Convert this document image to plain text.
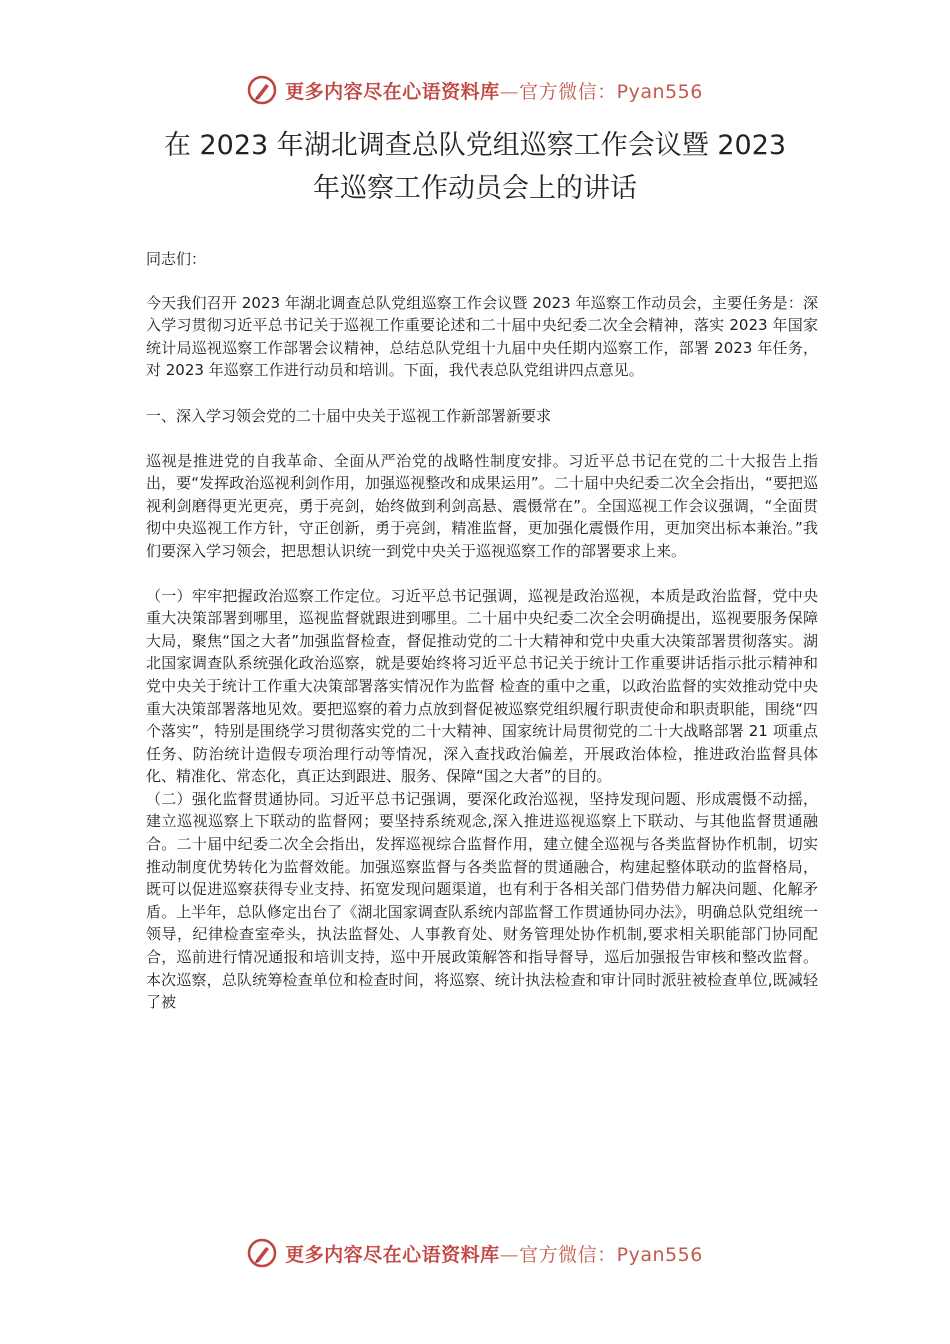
更多内容尽在心语资料库—官方微信：Pyan556
在 2023 年湖北调查总队党组巡察工作会议暨 2023
年巡察工作动员会上的讲话

同志们：

今天我们召开 2023 年湖北调查总队党组巡察工作会议暨 2023 年巡察工作动员会，主要任务是：深入学习贯彻习近平总书记关于巡视工作重要论述和二十届中央纪委二次全会精神，落实 2023 年国家统计局巡视巡察工作部署会议精神，总结总队党组十九届中央任期内巡察工作，部署 2023 年任务，对 2023 年巡察工作进行动员和培训。下面，我代表总队党组讲四点意见。

一、深入学习领会党的二十届中央关于巡视工作新部署新要求

巡视是推进党的自我革命、全面从严治党的战略性制度安排。习近平总书记在党的二十大报告上指出，要“发挥政治巡视利剑作用，加强巡视整改和成果运用”。二十届中央纪委二次全会指出，“要把巡视利剑磨得更光更亮，勇于亮剑，始终做到利剑高悬、震慑常在”。全国巡视工作会议强调，“全面贯彻中央巡视工作方针，守正创新，勇于亮剑，精准监督，更加强化震慑作用，更加突出标本兼治。”我们要深入学习领会，把思想认识统一到党中央关于巡视巡察工作的部署要求上来。

（一）牢牢把握政治巡察工作定位。习近平总书记强调，巡视是政治巡视，本质是政治监督，党中央重大决策部署到哪里，巡视监督就跟进到哪里。二十届中央纪委二次全会明确提出，巡视要服务保障大局，聚焦“国之大者”加强监督检查，督促推动党的二十大精神和党中央重大决策部署贯彻落实。湖北国家调查队系统强化政治巡察，就是要始终将习近平总书记关于统计工作重要讲话指示批示精神和党中央关于统计工作重大决策部署落实情况作为监督 检查的重中之重，以政治监督的实效推动党中央重大决策部署落地见效。要把巡察的着力点放到督促被巡察党组织履行职责使命和职责职能，围绕“四个落实”，特别是围绕学习贯彻落实党的二十大精神、国家统计局贯彻党的二十大战略部署 21 项重点任务、防治统计造假专项治理行动等情况，深入查找政治偏差，开展政治体检，推进政治监督具体化、精准化、常态化，真正达到跟进、服务、保障“国之大者”的目的。

（二）强化监督贯通协同。习近平总书记强调，要深化政治巡视，坚持发现问题、形成震慑不动摇，建立巡视巡察上下联动的监督网；要坚持系统观念,深入推进巡视巡察上下联动、与其他监督贯通融合。二十届中纪委二次全会指出，发挥巡视综合监督作用，建立健全巡视与各类监督协作机制，切实推动制度优势转化为监督效能。加强巡察监督与各类监督的贯通融合，构建起整体联动的监督格局，既可以促进巡察获得专业支持、拓宽发现问题渠道，也有利于各相关部门借势借力解决问题、化解矛盾。上半年，总队修定出台了《湖北国家调查队系统内部监督工作贯通协同办法》，明确总队党组统一领导，纪律检查室牵头，执法监督处、人事教育处、财务管理处协作机制,要求相关职能部门协同配合，巡前进行情况通报和培训支持，巡中开展政策解答和指导督导，巡后加强报告审核和整改监督。本次巡察，总队统筹检查单位和检查时间，将巡察、统计执法检查和审计同时派驻被检查单位,既减轻了被

更多内容尽在心语资料库—官方微信：Pyan556
